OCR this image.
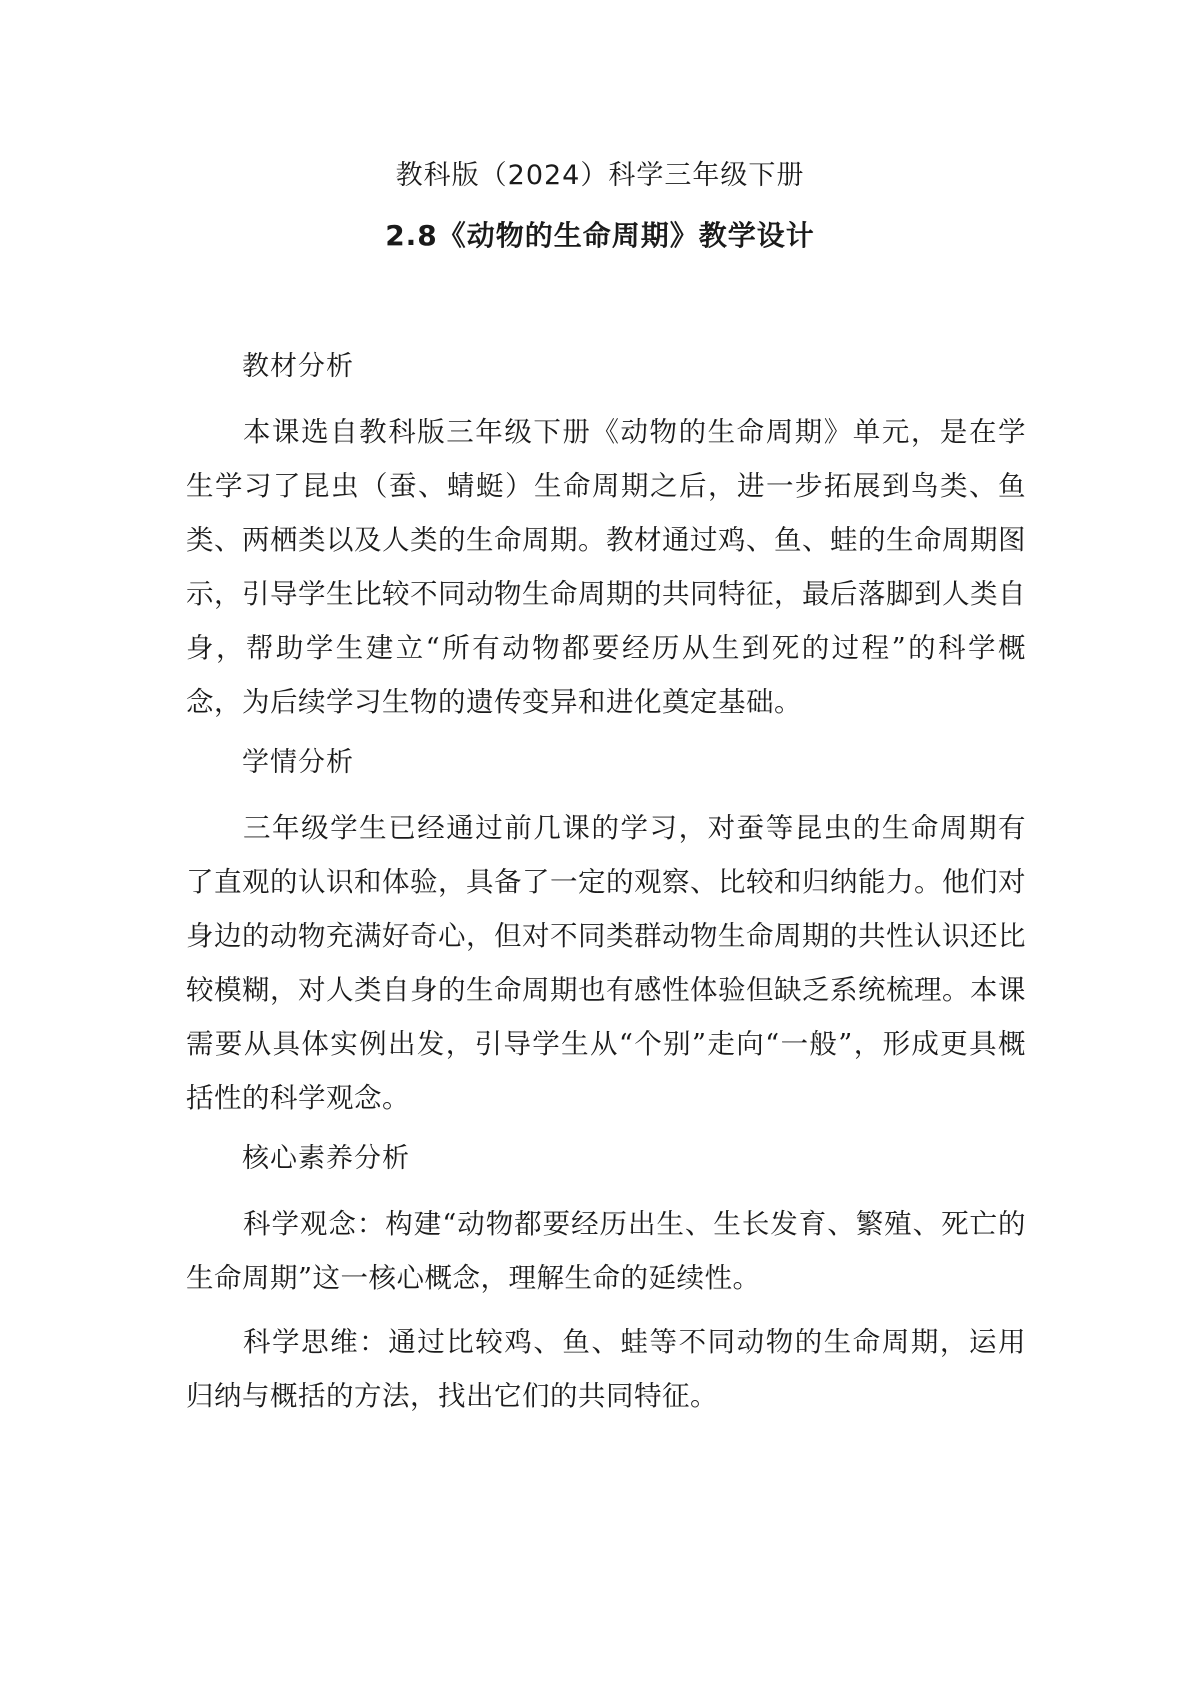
教科版（2024）科学三年级下册
2.8《动物的生命周期》教学设计

教材分析

本课选自教科版三年级下册《动物的生命周期》单元，是在学生学习了昆虫（蚕、蜻蜓）生命周期之后，进一步拓展到鸟类、鱼类、两栖类以及人类的生命周期。教材通过鸡、鱼、蛙的生命周期图示，引导学生比较不同动物生命周期的共同特征，最后落脚到人类自身，帮助学生建立“所有动物都要经历从生到死的过程”的科学概念，为后续学习生物的遗传变异和进化奠定基础。

学情分析

三年级学生已经通过前几课的学习，对蚕等昆虫的生命周期有了直观的认识和体验，具备了一定的观察、比较和归纳能力。他们对身边的动物充满好奇心，但对不同类群动物生命周期的共性认识还比较模糊，对人类自身的生命周期也有感性体验但缺乏系统梳理。本课需要从具体实例出发，引导学生从“个别”走向“一般”，形成更具概括性的科学观念。

核心素养分析

科学观念：构建“动物都要经历出生、生长发育、繁殖、死亡的生命周期”这一核心概念，理解生命的延续性。

科学思维：通过比较鸡、鱼、蛙等不同动物的生命周期，运用归纳与概括的方法，找出它们的共同特征。
